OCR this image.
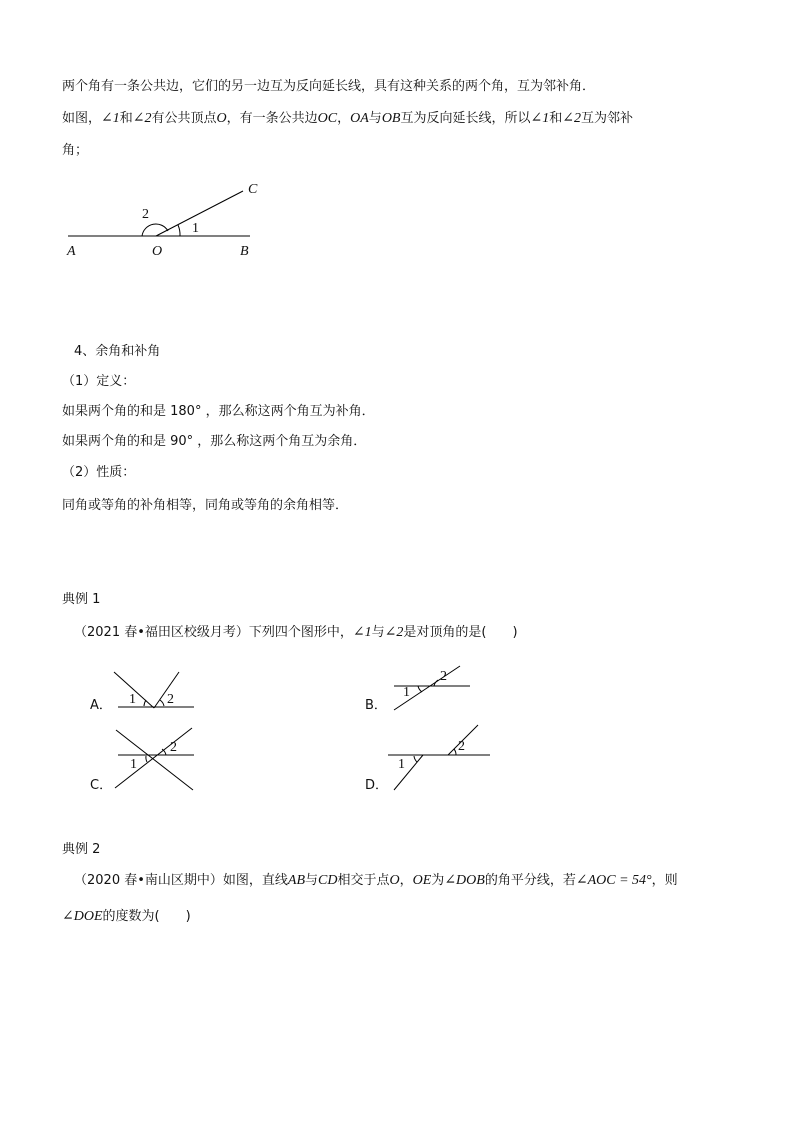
两个角有一条公共边，它们的另一边互为反向延长线，具有这种关系的两个角，互为邻补角．
如图，∠1和∠2有公共顶点O，有一条公共边OC，OA与OB互为反向延长线，所以∠1和∠2互为邻补
角；
A	O	B
C
1
2
4、余角和补角
（1）定义：
如果两个角的和是 180° ，那么称这两个角互为补角．
如果两个角的和是 90° ，那么称这两个角互为余角．
（2）性质：
同角或等角的补角相等，同角或等角的余角相等．
典例 1
（2021 春•福田区校级月考）下列四个图形中，∠1与∠2是对顶角的是(　　)
A． 1 2	B．
1
2
C．
1
2
D．
1
2
典例 2
（2020 春•南山区期中）如图，直线AB与CD相交于点O，OE为∠DOB的角平分线，若∠AOC = 54°，则
∠DOE的度数为(　　)
